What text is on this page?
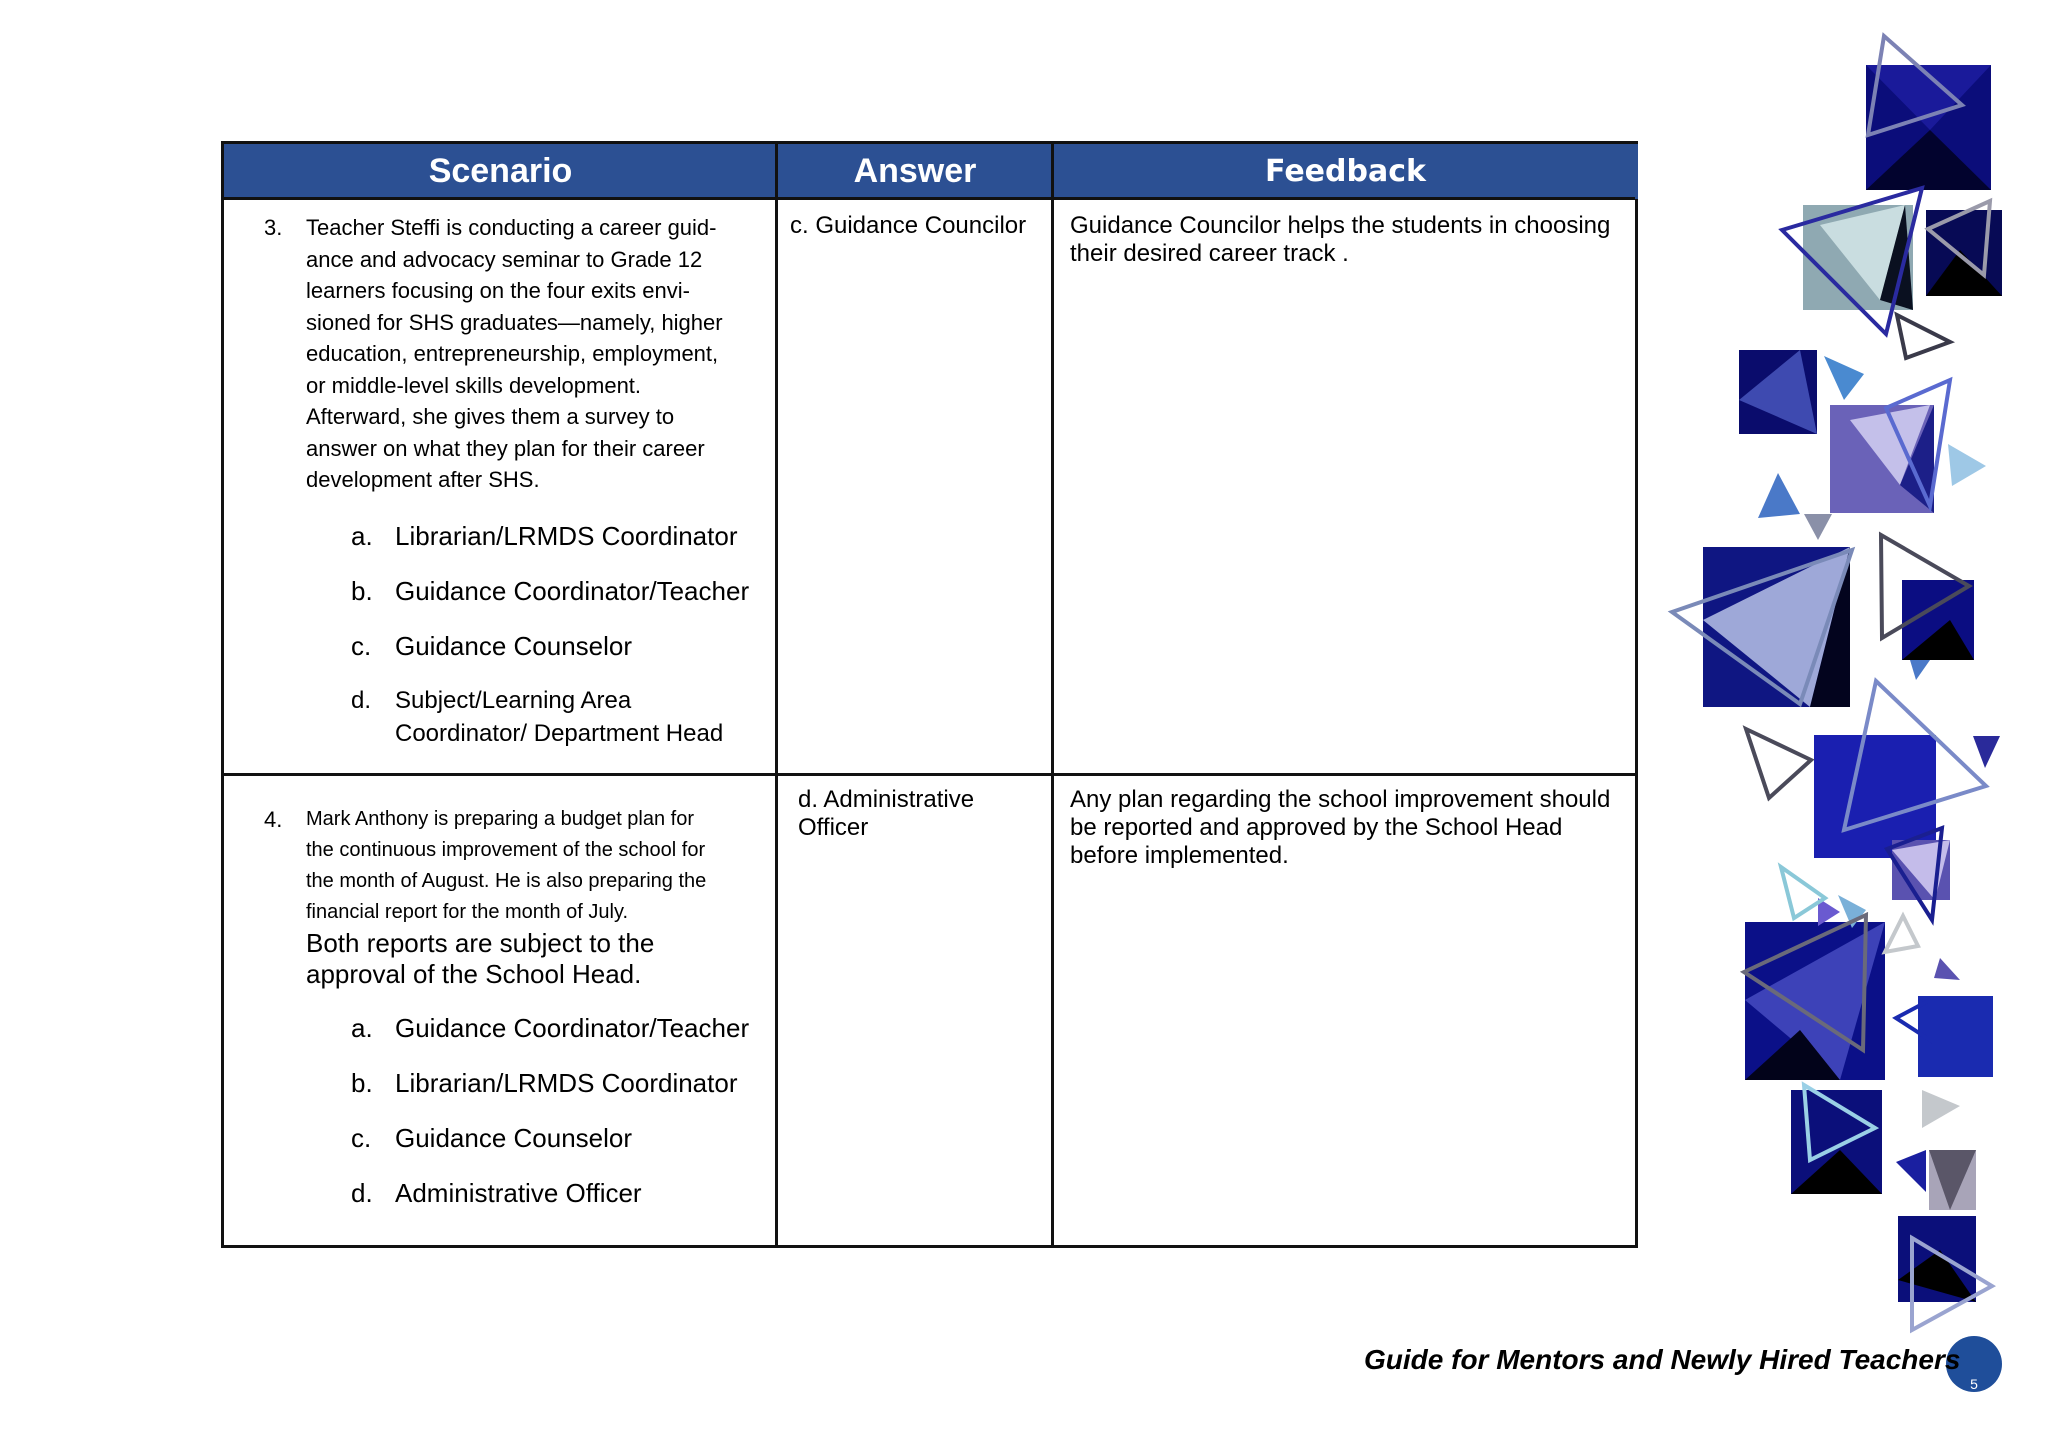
Scenario	Answer	Feedback
3. Teacher Steffi is conducting a career guid-
ance and advocacy seminar to Grade 12
learners focusing on the four exits envi-
sioned for SHS graduates—namely, higher
education, entrepreneurship, employment,
or middle-level skills development.
Afterward, she gives them a survey to
answer on what they plan for their career
development after SHS.
a. Librarian/LRMDS Coordinator
b. Guidance Coordinator/Teacher
c. Guidance Counselor
d. Subject/Learning Area
Coordinator/ Department Head
c. Guidance Councilor Guidance Councilor helps the students in choosing
their desired career track .
4. Mark Anthony is preparing a budget plan for
the continuous improvement of the school for
the month of August. He is also preparing the
financial report for the month of July.
Both reports are subject to the
approval of the School Head.
a. Guidance Coordinator/Teacher
b. Librarian/LRMDS Coordinator
c. Guidance Counselor
d. Administrative Officer
d. Administrative
Officer
Any plan regarding the school improvement should
be reported and approved by the School Head
before implemented.
5
Guide for Mentors and Newly Hired Teachers
